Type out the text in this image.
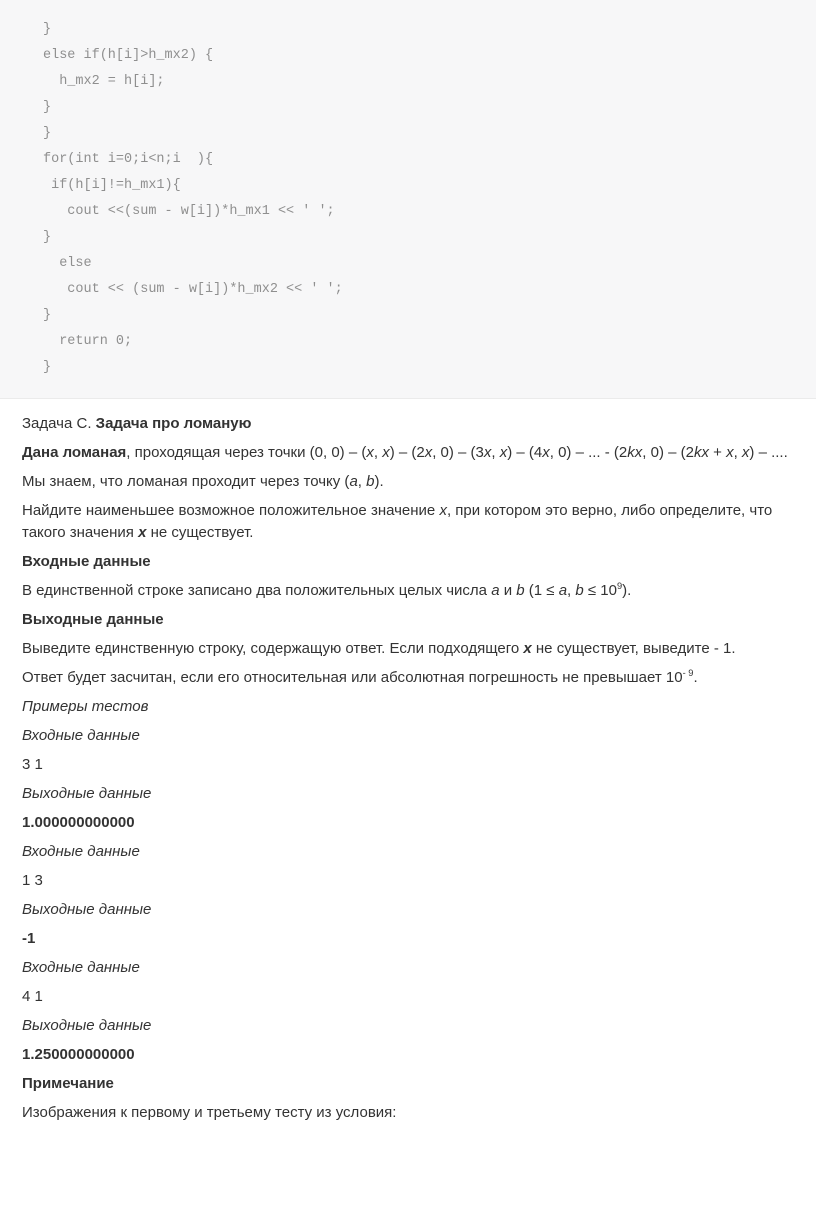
}
else if(h[i]>h_mx2) {
h_mx2 = h[i];
}
}
for(int i=0;i<n;i  ){
if(h[i]!=h_mx1){
cout <<(sum - w[i])*h_mx1 << ' ';
}
else
cout << (sum - w[i])*h_mx2 << ' ';
}
return 0;
}

Задача C. Задача про ломаную

Дана ломаная, проходящая через точки (0, 0) – (x, x) – (2x, 0) – (3x, x) – (4x, 0) – ... - (2kx, 0) – (2kx + x, x) – ....

Мы знаем, что ломаная проходит через точку (a, b).

Найдите наименьшее возможное положительное значение x, при котором это верно, либо определите, что такого значения x не существует.

Входные данные

В единственной строке записано два положительных целых числа a и b (1 ≤ a, $b \le 10^9$).

Выходные данные

Выведите единственную строку, содержащую ответ. Если подходящего x не существует, выведите - 1.

Ответ будет засчитан, если его относительная или абсолютная погрешность не превышает $10^{- 9}$.

Примеры тестов

Входные данные

3 1

Выходные данные

1.000000000000

Входные данные

1 3

Выходные данные

-1

Входные данные

4 1

Выходные данные

1.250000000000

Примечание

Изображения к первому и третьему тесту из условия:
